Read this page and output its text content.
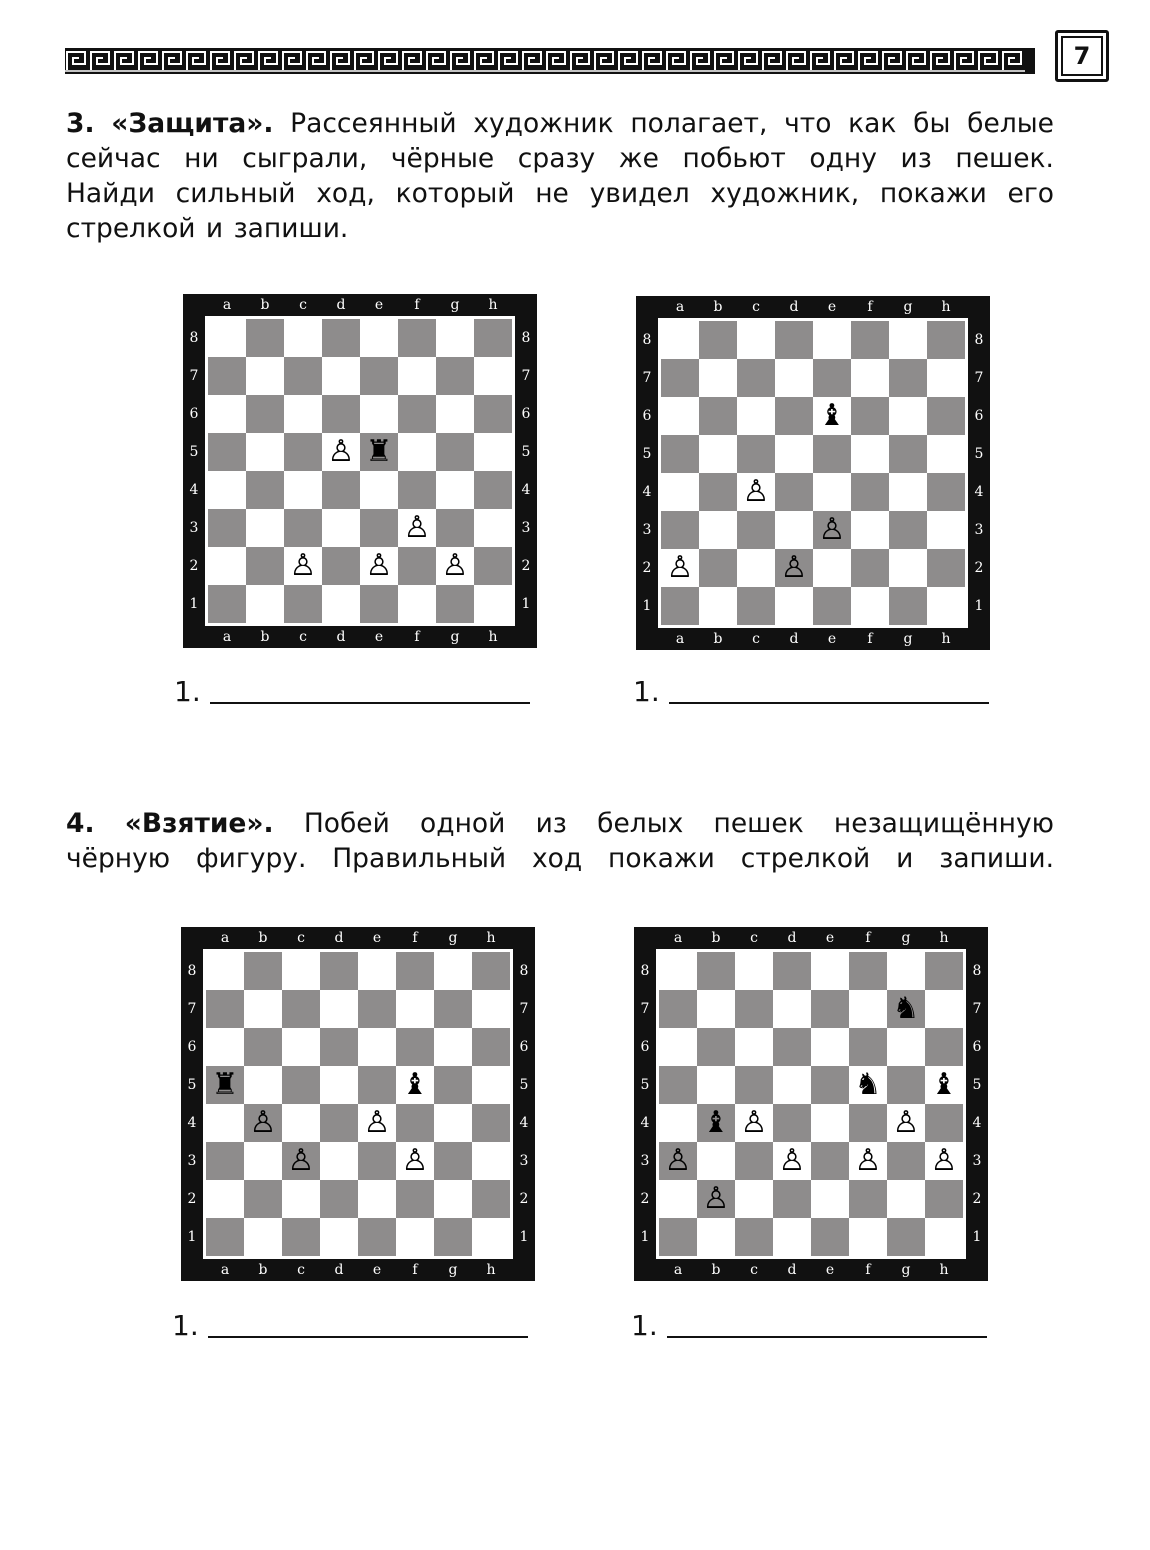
7
3. «Защита». Рассеянный художник полагает, что как бы белые
сейчас ни сыграли, чёрные сразу же побьют одну из пешек.
Найди сильный ход, который не увидел художник, покажи его
стрелкой и запиши.
4. «Взятие». Побей одной из белых пешек незащищённую
чёрную фигуру. Правильный ход покажи стрелкой и запиши.
a
a
b
b
c
c
d
d
e
e
f
f
g
g
h
h
8	8
7	7
6	6
5	5
4	4
3	3
2	2
1	1
♙ ♜
♙
♙ ♙ ♙
a
a
b
b
c
c
d
d
e
e
f
f
g
g
h
h
8	8
7	7
6	6
5	5
4	4
3	3
2	2
1	1
♝
♙
♙
♙	♙
a
a
b
b
c
c
d
d
e
e
f
f
g
g
h
h
8	8
7	7
6	6
5	5
4	4
3	3
2	2
1	1
♜	♝
♙	♙
♙	♙
a
a
b
b
c
c
d
d
e
e
f
f
g
g
h
h
8	8
7	7
6	6
5	5
4	4
3	3
2	2
1	1
♞
♞ ♝
♝ ♙	♙
♙	♙ ♙ ♙
♙
1.	1.
1.	1.
